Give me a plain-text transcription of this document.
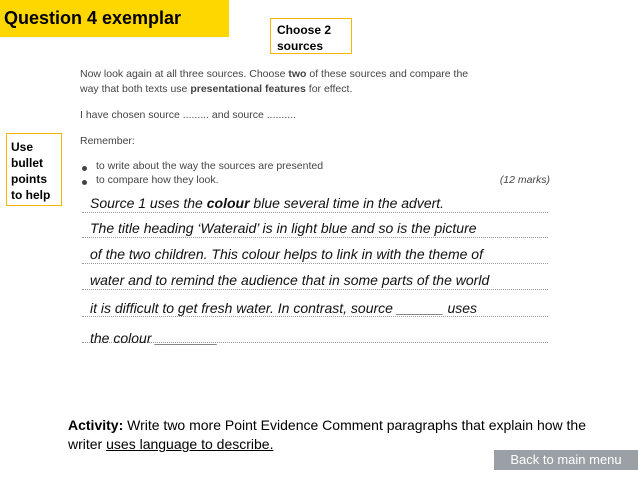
Question 4 exemplar
Choose 2
sources
Use
bullet
points
to help
Now look again at all three sources. Choose two of these sources and compare the
way that both texts use presentational features for effect.
I have chosen source ......... and source ..........
Remember:
to write about the way the sources are presented
to compare how they look.	(12 marks)
Source 1 uses the colour blue several time in the advert.
The title heading ‘Wateraid’ is in light blue and so is the picture
of the two children. This colour helps to link in with the theme of
water and to remind the audience that in some parts of the world
it is difficult to get fresh water. In contrast, source ______ uses
the colour ________
Activity: Write two more Point Evidence Comment paragraphs that explain how the writer uses language to describe.
Back to main menu
